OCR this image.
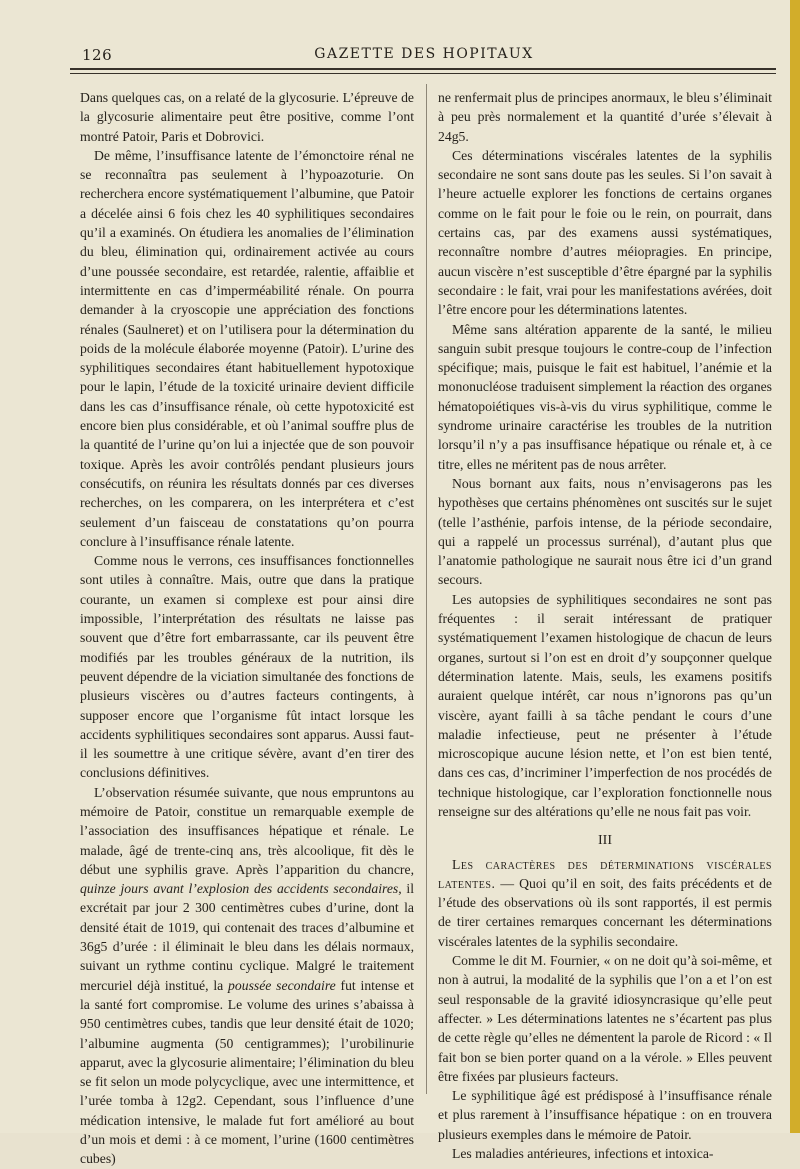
126	GAZETTE DES HOPITAUX

Dans quelques cas, on a relaté de la glycosurie. L’épreuve de la glycosurie alimentaire peut être positive, comme l’ont montré Patoir, Paris et Dobrovici.

De même, l’insuffisance latente de l’émonctoire rénal ne se reconnaîtra pas seulement à l’hypoazoturie. On recherchera encore systématiquement l’albumine, que Patoir a décelée ainsi 6 fois chez les 40 syphilitiques secondaires qu’il a examinés. On étudiera les anomalies de l’élimination du bleu, élimination qui, ordinairement activée au cours d’une poussée secondaire, est retardée, ralentie, affaiblie et intermittente en cas d’imperméabilité rénale. On pourra demander à la cryoscopie une appréciation des fonctions rénales (Saulneret) et on l’utilisera pour la détermination du poids de la molécule élaborée moyenne (Patoir). L’urine des syphilitiques secondaires étant habituellement hypotoxique pour le lapin, l’étude de la toxicité urinaire devient difficile dans les cas d’insuffisance rénale, où cette hypotoxicité est encore bien plus considérable, et où l’animal souffre plus de la quantité de l’urine qu’on lui a injectée que de son pouvoir toxique. Après les avoir contrôlés pendant plusieurs jours consécutifs, on réunira les résultats donnés par ces diverses recherches, on les comparera, on les interprétera et c’est seulement d’un faisceau de constatations qu’on pourra conclure à l’insuffisance rénale latente.

Comme nous le verrons, ces insuffisances fonctionnelles sont utiles à connaître. Mais, outre que dans la pratique courante, un examen si complexe est pour ainsi dire impossible, l’interprétation des résultats ne laisse pas souvent que d’être fort embarrassante, car ils peuvent être modifiés par les troubles généraux de la nutrition, ils peuvent dépendre de la viciation simultanée des fonctions de plusieurs viscères ou d’autres facteurs contingents, à supposer encore que l’organisme fût intact lorsque les accidents syphilitiques secondaires sont apparus. Aussi faut-il les soumettre à une critique sévère, avant d’en tirer des conclusions définitives.

L’observation résumée suivante, que nous empruntons au mémoire de Patoir, constitue un remarquable exemple de l’association des insuffisances hépatique et rénale. Le malade, âgé de trente-cinq ans, très alcoolique, fit dès le début une syphilis grave. Après l’apparition du chancre, quinze jours avant l’explosion des accidents secondaires, il excrétait par jour 2 300 centimètres cubes d’urine, dont la densité était de 1019, qui contenait des traces d’albumine et 36g5 d’urée : il éliminait le bleu dans les délais normaux, suivant un rythme continu cyclique. Malgré le traitement mercuriel déjà institué, la poussée secondaire fut intense et la santé fort compromise. Le volume des urines s’abaissa à 950 centimètres cubes, tandis que leur densité était de 1020; l’albumine augmenta (50 centigrammes); l’urobilinurie apparut, avec la glycosurie alimentaire; l’élimination du bleu se fit selon un mode polycyclique, avec une intermittence, et l’urée tomba à 12g2. Cependant, sous l’influence d’une médication intensive, le malade fut fort amélioré au bout d’un mois et demi : à ce moment, l’urine (1600 centimètres cubes)

ne renfermait plus de principes anormaux, le bleu s’éliminait à peu près normalement et la quantité d’urée s’élevait à 24g5.

Ces déterminations viscérales latentes de la syphilis secondaire ne sont sans doute pas les seules. Si l’on savait à l’heure actuelle explorer les fonctions de certains organes comme on le fait pour le foie ou le rein, on pourrait, dans certains cas, par des examens aussi systématiques, reconnaître nombre d’autres méiopragies. En principe, aucun viscère n’est susceptible d’être épargné par la syphilis secondaire : le fait, vrai pour les manifestations avérées, doit l’être encore pour les déterminations latentes.

Même sans altération apparente de la santé, le milieu sanguin subit presque toujours le contre-coup de l’infection spécifique; mais, puisque le fait est habituel, l’anémie et la mononucléose traduisent simplement la réaction des organes hématopoiétiques vis-à-vis du virus syphilitique, comme le syndrome urinaire caractérise les troubles de la nutrition lorsqu’il n’y a pas insuffisance hépatique ou rénale et, à ce titre, elles ne méritent pas de nous arrêter.

Nous bornant aux faits, nous n’envisagerons pas les hypothèses que certains phénomènes ont suscités sur le sujet (telle l’asthénie, parfois intense, de la période secondaire, qui a rappelé un processus surrénal), d’autant plus que l’anatomie pathologique ne saurait nous être ici d’un grand secours.

Les autopsies de syphilitiques secondaires ne sont pas fréquentes : il serait intéressant de pratiquer systématiquement l’examen histologique de chacun de leurs organes, surtout si l’on est en droit d’y soupçonner quelque détermination latente. Mais, seuls, les examens positifs auraient quelque intérêt, car nous n’ignorons pas qu’un viscère, ayant failli à sa tâche pendant le cours d’une maladie infectieuse, peut ne présenter à l’étude microscopique aucune lésion nette, et l’on est bien tenté, dans ces cas, d’incriminer l’imperfection de nos procédés de technique histologique, car l’exploration fonctionnelle nous renseigne sur des altérations qu’elle ne nous fait pas voir.

III

Les caractères des déterminations viscérales latentes. — Quoi qu’il en soit, des faits précédents et de l’étude des observations où ils sont rapportés, il est permis de tirer certaines remarques concernant les déterminations viscérales latentes de la syphilis secondaire.

Comme le dit M. Fournier, « on ne doit qu’à soi-même, et non à autrui, la modalité de la syphilis que l’on a et l’on est seul responsable de la gravité idiosyncrasique qu’elle peut affecter. » Les déterminations latentes ne s’écartent pas plus de cette règle qu’elles ne démentent la parole de Ricord : « Il fait bon se bien porter quand on a la vérole. » Elles peuvent être fixées par plusieurs facteurs.

Le syphilitique âgé est prédisposé à l’insuffisance rénale et plus rarement à l’insuffisance hépatique : on en trouvera plusieurs exemples dans le mémoire de Patoir.

Les maladies antérieures, infections et intoxica-
